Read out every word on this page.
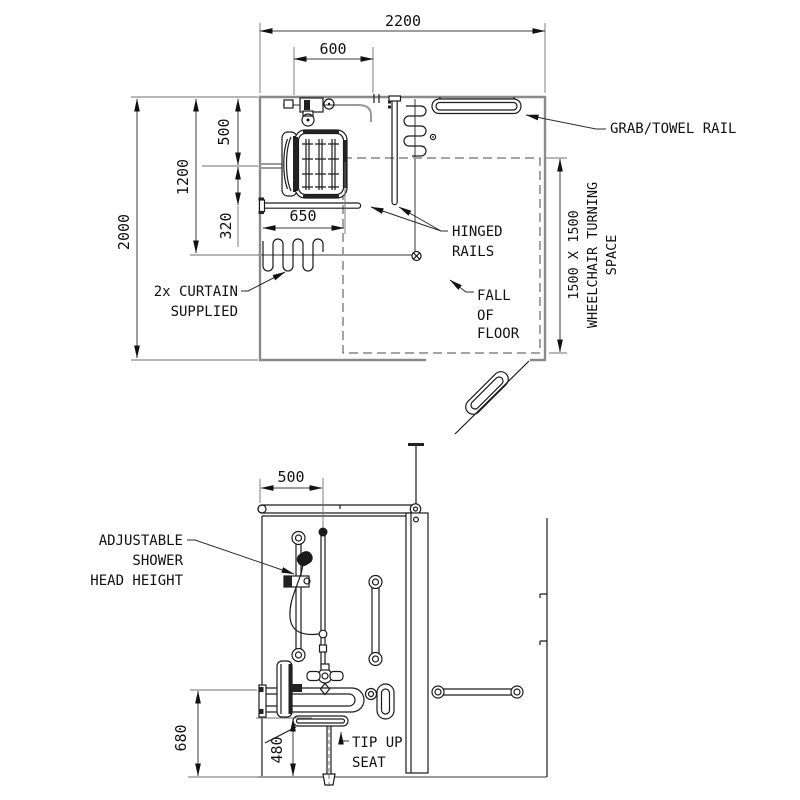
2200
600
2000
1200
500
320	650	1500 X 1500 WHEELCHAIR TURNING SPACE
GRAB/TOWEL RAIL
HINGED
RAILS
FALL
OF
FLOOR
2x CURTAIN
SUPPLIED
500
680	480
ADJUSTABLE
SHOWER
HEAD HEIGHT
TIP UP
SEAT
